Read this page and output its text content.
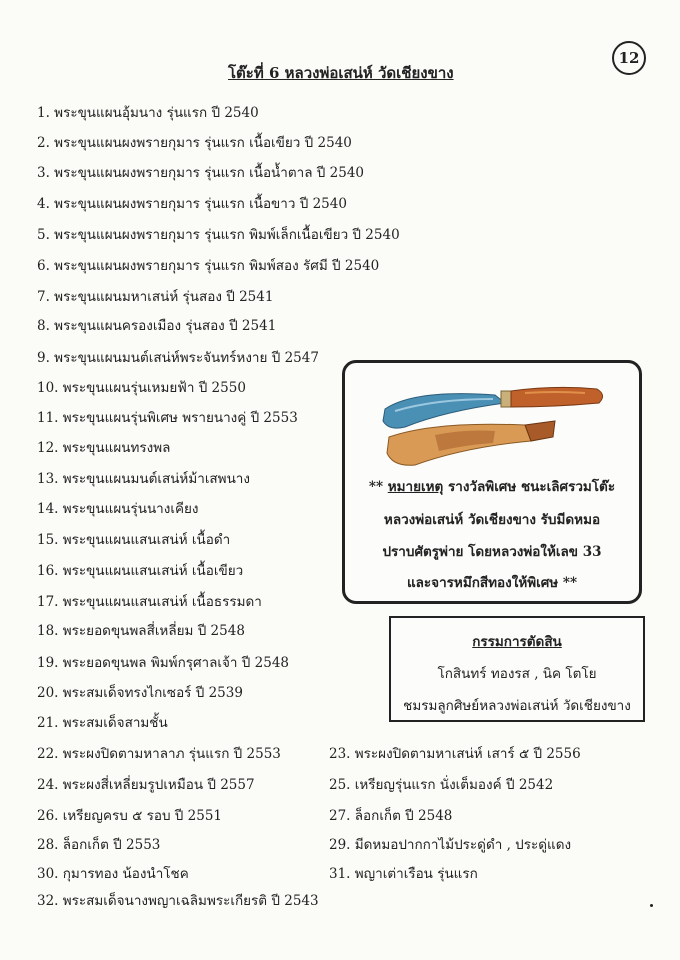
12
โต๊ะที่ 6 หลวงพ่อเสน่ห์ วัดเชียงขาง
1. พระขุนแผนอุ้มนาง รุ่นแรก ปี 2540
2. พระขุนแผนผงพรายกุมาร รุ่นแรก เนื้อเขียว ปี 2540
3. พระขุนแผนผงพรายกุมาร รุ่นแรก เนื้อน้ำตาล ปี 2540
4. พระขุนแผนผงพรายกุมาร รุ่นแรก เนื้อขาว ปี 2540
5. พระขุนแผนผงพรายกุมาร รุ่นแรก พิมพ์เล็กเนื้อเขียว ปี 2540
6. พระขุนแผนผงพรายกุมาร รุ่นแรก พิมพ์สอง รัศมี ปี 2540
7. พระขุนแผนมหาเสน่ห์ รุ่นสอง ปี 2541
8. พระขุนแผนครองเมือง รุ่นสอง ปี 2541
9. พระขุนแผนมนต์เสน่ห์พระจันทร์หงาย ปี 2547
10. พระขุนแผนรุ่นเหมยฟ้า ปี 2550
11. พระขุนแผนรุ่นพิเศษ พรายนางคู่ ปี 2553
12. พระขุนแผนทรงพล
13. พระขุนแผนมนต์เสน่ห์ม้าเสพนาง
14. พระขุนแผนรุ่นนางเคียง
15. พระขุนแผนแสนเสน่ห์ เนื้อดำ
16. พระขุนแผนแสนเสน่ห์ เนื้อเขียว
17. พระขุนแผนแสนเสน่ห์ เนื้อธรรมดา
18. พระยอดขุนพลสี่เหลี่ยม ปี 2548
19. พระยอดขุนพล พิมพ์กรุศาลเจ้า ปี 2548
20. พระสมเด็จทรงไกเซอร์ ปี 2539
21. พระสมเด็จสามชั้น
22. พระผงปิดตามหาลาภ รุ่นแรก ปี 2553
24. พระผงสี่เหลี่ยมรูปเหมือน ปี 2557
26. เหรียญครบ ๕ รอบ ปี 2551
28. ล็อกเก็ต ปี 2553
30. กุมารทอง น้องนำโชค
32. พระสมเด็จนางพญาเฉลิมพระเกียรติ ปี 2543
23. พระผงปิดตามหาเสน่ห์ เสาร์ ๕ ปี 2556
25. เหรียญรุ่นแรก นั่งเต็มองค์ ปี 2542
27. ล็อกเก็ต ปี 2548
29. มีดหมอปากกาไม้ประดู่ดำ , ประดู่แดง
31. พญาเต่าเรือน รุ่นแรก
** หมายเหตุ รางวัลพิเศษ ชนะเลิศรวมโต๊ะ
หลวงพ่อเสน่ห์ วัดเชียงขาง รับมีดหมอ
ปราบศัตรูพ่าย โดยหลวงพ่อให้เลข 33
และจารหมึกสีทองให้พิเศษ **
กรรมการตัดสิน
โกสินทร์ ทองรส , นิค โตโย
ชมรมลูกศิษย์หลวงพ่อเสน่ห์ วัดเชียงขาง
